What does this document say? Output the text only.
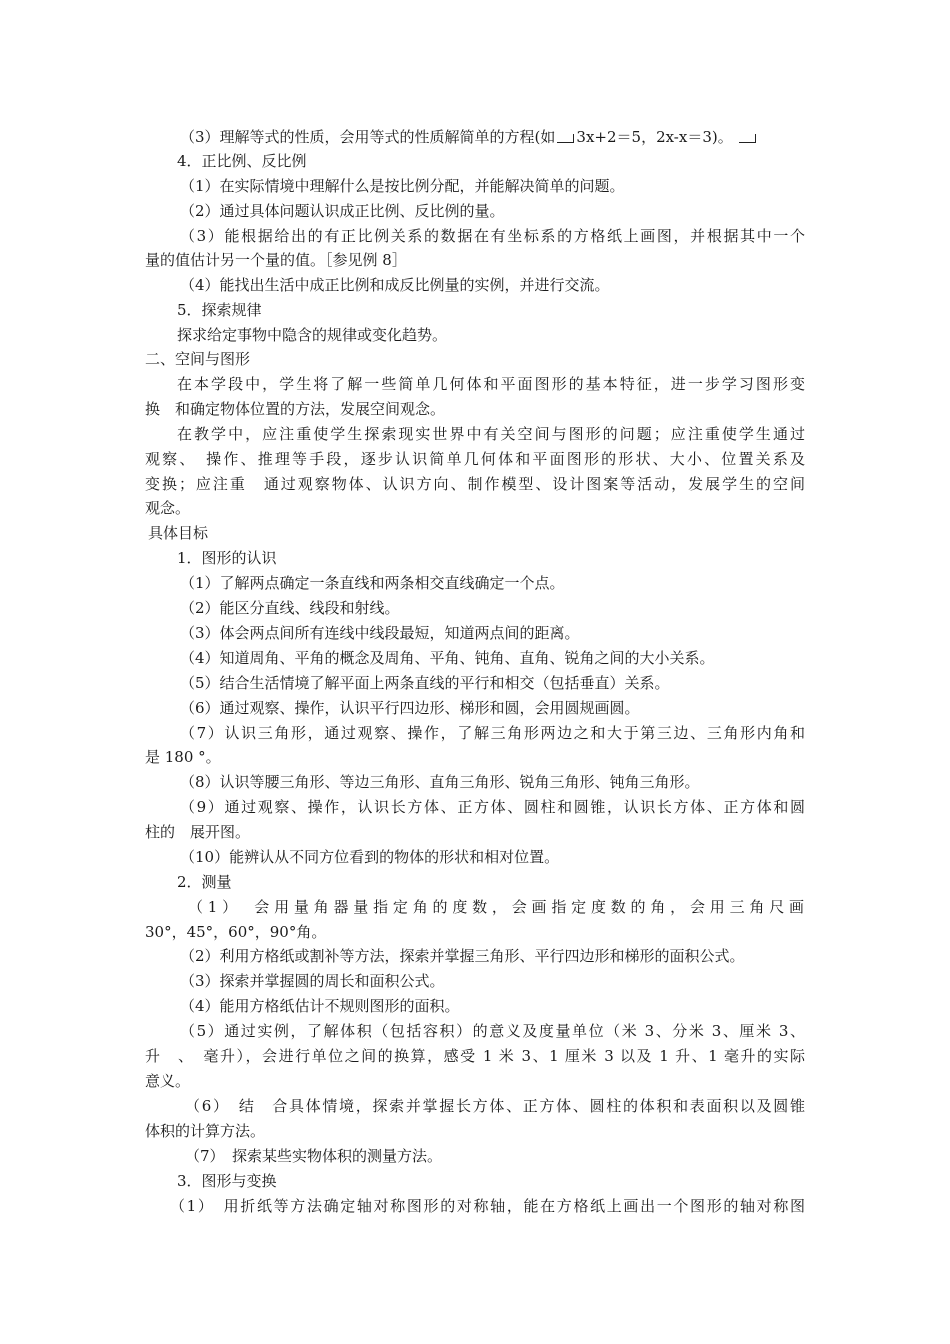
（3）理解等式的性质，会用等式的性质解简单的方程(如 3x+2＝5，2x-x＝3)。
4．正比例、反比例
（1）在实际情境中理解什么是按比例分配，并能解决简单的问题。
（2）通过具体问题认识成正比例、反比例的量。
（3）能根据给出的有正比例关系的数据在有坐标系的方格纸上画图，并根据其中一个
量的值估计另一个量的值。［参见例 8］
（4）能找出生活中成正比例和成反比例量的实例，并进行交流。
5．探索规律
探求给定事物中隐含的规律或变化趋势。
二、空间与图形
在本学段中，学生将了解一些简单几何体和平面图形的基本特征，进一步学习图形变
换　和确定物体位置的方法，发展空间观念。
在教学中，应注重使学生探索现实世界中有关空间与图形的问题；应注重使学生通过
观察、　操作、推理等手段，逐步认识简单几何体和平面图形的形状、大小、位置关系及
变换；应注重　通过观察物体、认识方向、制作模型、设计图案等活动，发展学生的空间
观念。
具体目标
1．图形的认识
（1）了解两点确定一条直线和两条相交直线确定一个点。
（2）能区分直线、线段和射线。
（3）体会两点间所有连线中线段最短，知道两点间的距离。
（4）知道周角、平角的概念及周角、平角、钝角、直角、锐角之间的大小关系。
（5）结合生活情境了解平面上两条直线的平行和相交（包括垂直）关系。
（6）通过观察、操作，认识平行四边形、梯形和圆，会用圆规画圆。
（7）认识三角形，通过观察、操作，了解三角形两边之和大于第三边、三角形内角和
是 180 °。
（8）认识等腰三角形、等边三角形、直角三角形、锐角三角形、钝角三角形。
（9）通过观察、操作，认识长方体、正方体、圆柱和圆锥，认识长方体、正方体和圆
柱的　展开图。
（10）能辨认从不同方位看到的物体的形状和相对位置。
2．测量
（1）　会用量角器量指定角的度数，会画指定度数的角，会用三角尺画
30°，45°，60°，90°角。
（2）利用方格纸或割补等方法，探索并掌握三角形、平行四边形和梯形的面积公式。
（3）探索并掌握圆的周长和面积公式。
（4）能用方格纸估计不规则图形的面积。
（5）通过实例，了解体积（包括容积）的意义及度量单位（米 3、分米 3、厘米 3、
升　、　毫升），会进行单位之间的换算，感受 1 米 3、1 厘米 3 以及 1 升、1 毫升的实际
意义。
（6）　结　合具体情境，探索并掌握长方体、正方体、圆柱的体积和表面积以及圆锥
体积的计算方法。
（7）　探索某些实物体积的测量方法。
3．图形与变换
（1）　用折纸等方法确定轴对称图形的对称轴，能在方格纸上画出一个图形的轴对称图
